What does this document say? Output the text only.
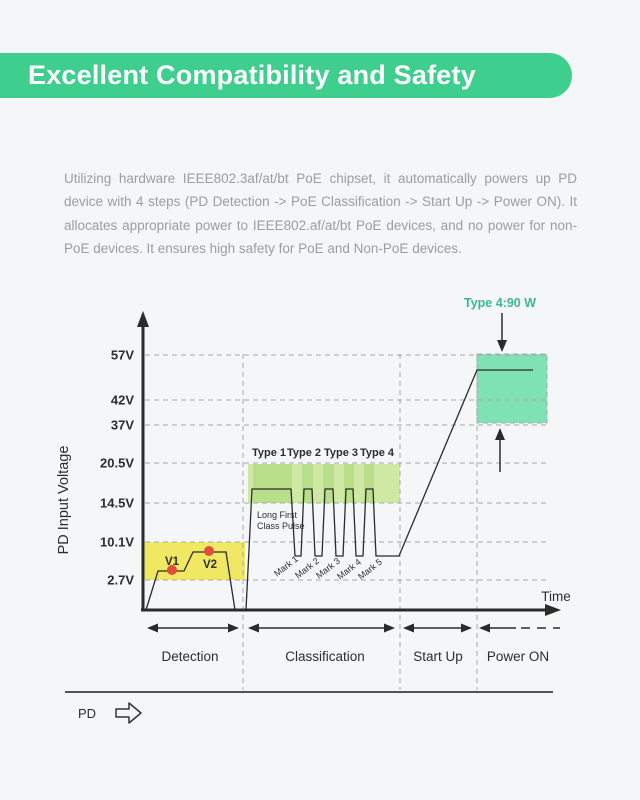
Excellent Compatibility and Safety

Utilizing hardware IEEE802.3af/at/bt PoE chipset, it automatically powers up PD device with 4 steps (PD Detection -> PoE Classification -> Start Up -> Power ON). It allocates appropriate power to IEEE802.af/at/bt PoE devices, and no power for non-PoE devices. It ensures high safety for PoE and Non-PoE devices.

57V
42V
37V
20.5V
14.5V
10.1V
2.7V
PD Input Voltage
Time
V1 V2
Type 1 Type 2 Type 3 Type 4
Long First
Class Pulse
Mark 1
Mark 2
Mark 3
Mark 4
Mark 5
Type 4:90 W
Detection	Classification	Start Up Power ON
PD
